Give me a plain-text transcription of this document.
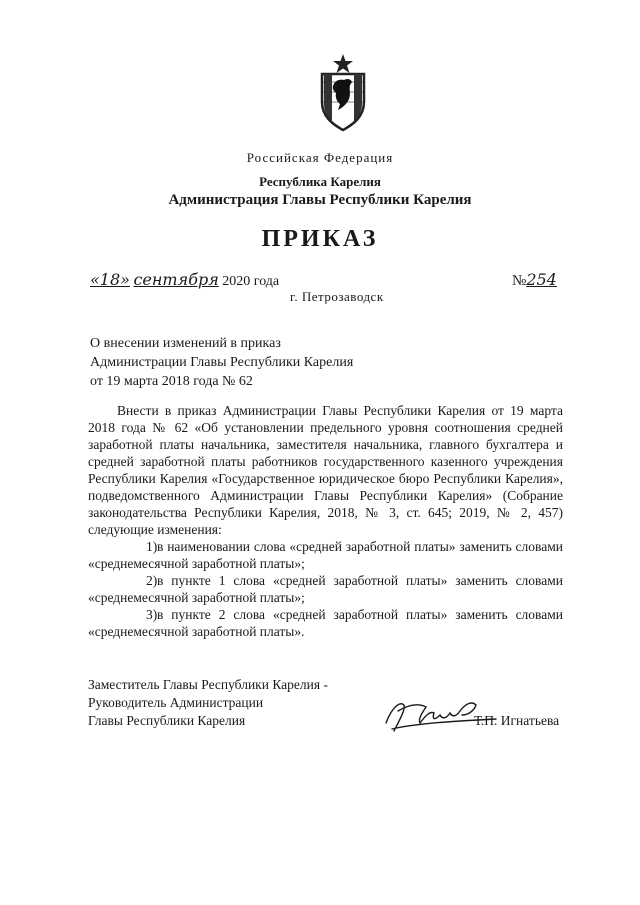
Российская Федерация
Республика Карелия
Администрация Главы Республики Карелия
ПРИКАЗ
«18» сентября 2020 года
г. Петрозаводск
№254
О внесении изменений в приказ
Администрации Главы Республики Карелия
от 19 марта 2018 года № 62

Внести в приказ Администрации Главы Республики Карелия от 19 марта 2018 года № 62 «Об установлении предельного уровня соотношения средней заработной платы начальника, заместителя начальника, главного бухгалтера и средней заработной платы работников государственного казенного учреждения Республики Карелия «Государственное юридическое бюро Республики Карелия», подведомственного Администрации Главы Республики Карелия» (Собрание законодательства Республики Карелия, 2018, № 3, ст. 645; 2019, № 2, 457) следующие изменения:

1)в наименовании слова «средней заработной платы» заменить словами «среднемесячной заработной платы»;

2)в пункте 1 слова «средней заработной платы» заменить словами «среднемесячной заработной платы»;

3)в пункте 2 слова «средней заработной платы» заменить словами «среднемесячной заработной платы».

Заместитель Главы Республики Карелия -
Руководитель Администрации
Главы Республики Карелия	Т.П. Игнатьева
